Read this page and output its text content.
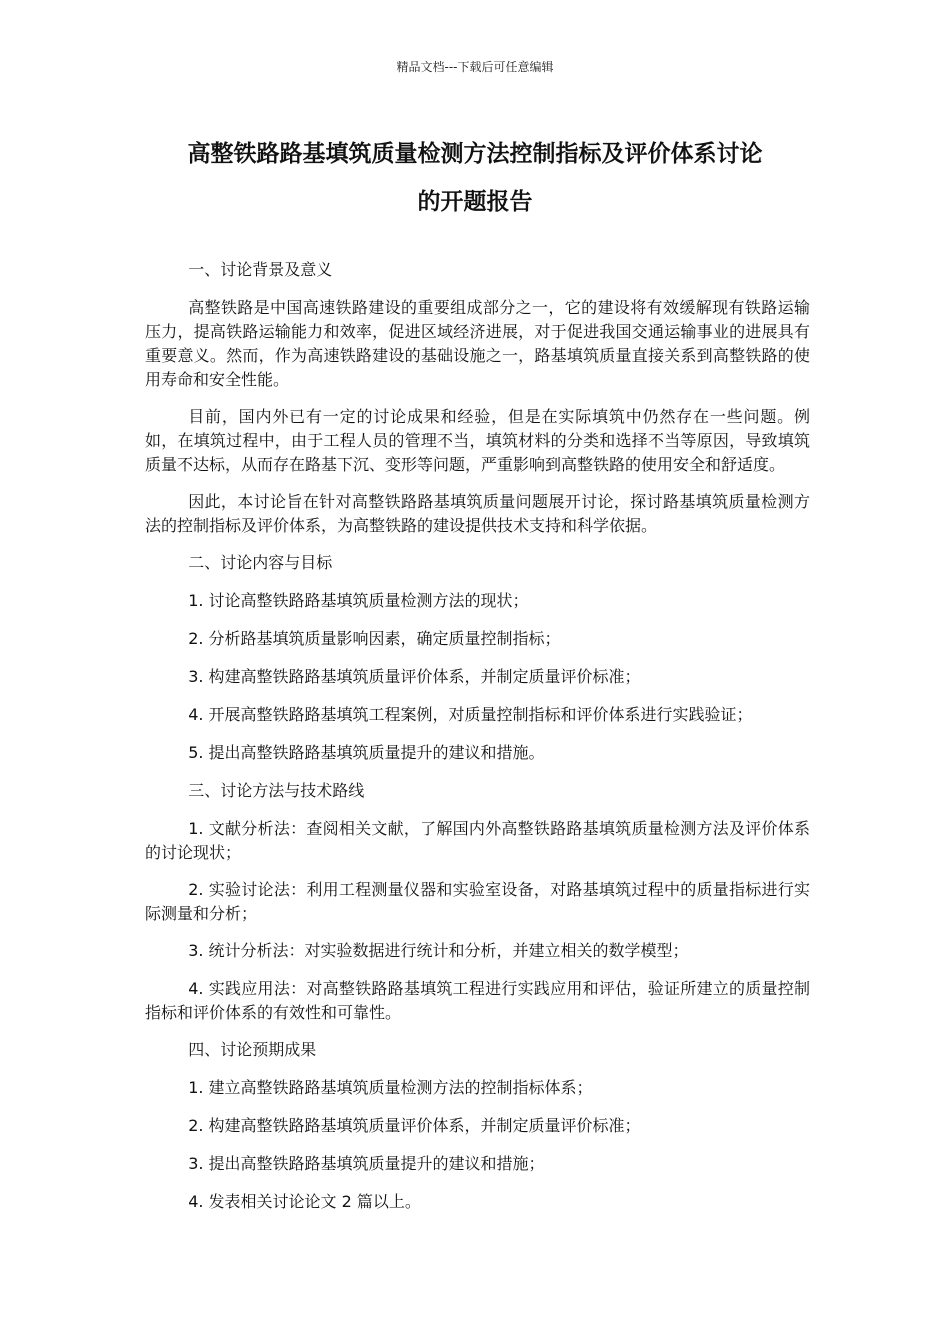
精品文档---下载后可任意编辑
高整铁路路基填筑质量检测方法控制指标及评价体系讨论
的开题报告

一、讨论背景及意义

高整铁路是中国高速铁路建设的重要组成部分之一，它的建设将有效缓解现有铁路运输压力，提高铁路运输能力和效率，促进区域经济进展，对于促进我国交通运输事业的进展具有重要意义。然而，作为高速铁路建设的基础设施之一，路基填筑质量直接关系到高整铁路的使用寿命和安全性能。

目前，国内外已有一定的讨论成果和经验，但是在实际填筑中仍然存在一些问题。例如，在填筑过程中，由于工程人员的管理不当，填筑材料的分类和选择不当等原因，导致填筑质量不达标，从而存在路基下沉、变形等问题，严重影响到高整铁路的使用安全和舒适度。

因此，本讨论旨在针对高整铁路路基填筑质量问题展开讨论，探讨路基填筑质量检测方法的控制指标及评价体系，为高整铁路的建设提供技术支持和科学依据。

二、讨论内容与目标

1. 讨论高整铁路路基填筑质量检测方法的现状；

2. 分析路基填筑质量影响因素，确定质量控制指标；

3. 构建高整铁路路基填筑质量评价体系，并制定质量评价标准；

4. 开展高整铁路路基填筑工程案例，对质量控制指标和评价体系进行实践验证；

5. 提出高整铁路路基填筑质量提升的建议和措施。

三、讨论方法与技术路线

1. 文献分析法：查阅相关文献，了解国内外高整铁路路基填筑质量检测方法及评价体系的讨论现状；

2. 实验讨论法：利用工程测量仪器和实验室设备，对路基填筑过程中的质量指标进行实际测量和分析；

3. 统计分析法：对实验数据进行统计和分析，并建立相关的数学模型；

4. 实践应用法：对高整铁路路基填筑工程进行实践应用和评估，验证所建立的质量控制指标和评价体系的有效性和可靠性。

四、讨论预期成果

1. 建立高整铁路路基填筑质量检测方法的控制指标体系；

2. 构建高整铁路路基填筑质量评价体系，并制定质量评价标准；

3. 提出高整铁路路基填筑质量提升的建议和措施；

4. 发表相关讨论论文 2 篇以上。
